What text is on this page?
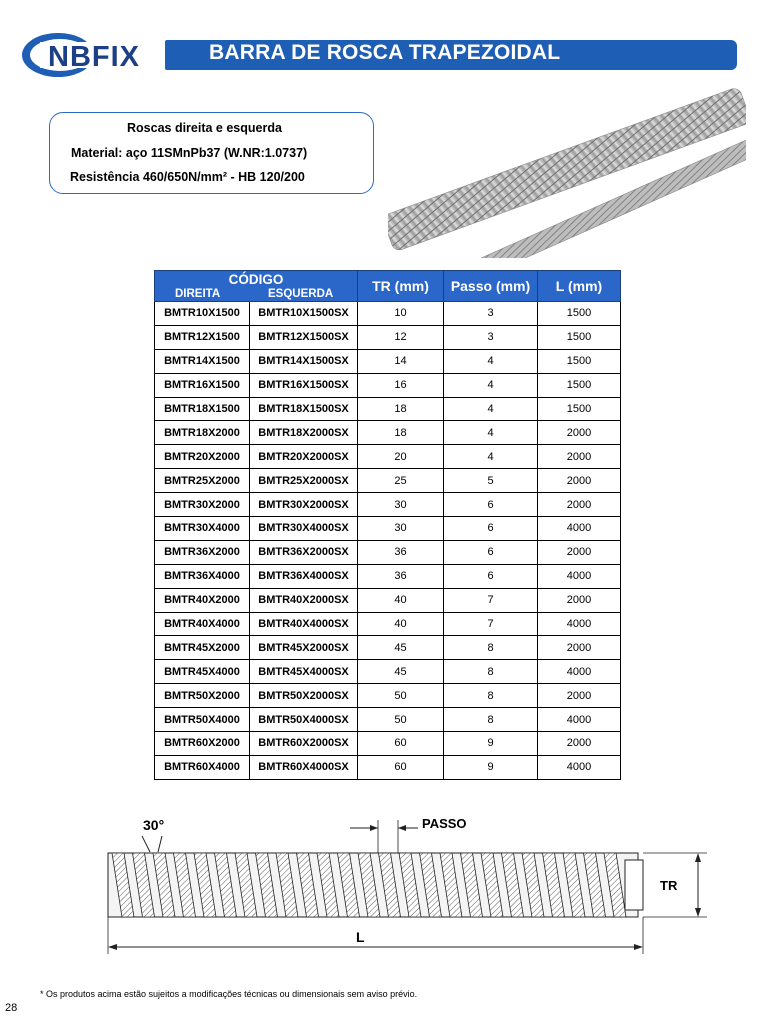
NBFIX	BARRA DE ROSCA TRAPEZOIDAL
Roscas direita e esquerda
Material: aço 11SMnPb37 (W.NR:1.0737)
Resistência 460/650N/mm² - HB 120/200
CÓDIGO
DIREITA ESQUERDA		TR (mm)	Passo (mm)	L (mm)
BMTR10X1500	BMTR10X1500SX	10	3	1500
BMTR12X1500	BMTR12X1500SX	12	3	1500
BMTR14X1500	BMTR14X1500SX	14	4	1500
BMTR16X1500	BMTR16X1500SX	16	4	1500
BMTR18X1500	BMTR18X1500SX	18	4	1500
BMTR18X2000	BMTR18X2000SX	18	4	2000
BMTR20X2000	BMTR20X2000SX	20	4	2000
BMTR25X2000	BMTR25X2000SX	25	5	2000
BMTR30X2000	BMTR30X2000SX	30	6	2000
BMTR30X4000	BMTR30X4000SX	30	6	4000
BMTR36X2000	BMTR36X2000SX	36	6	2000
BMTR36X4000	BMTR36X4000SX	36	6	4000
BMTR40X2000	BMTR40X2000SX	40	7	2000
BMTR40X4000	BMTR40X4000SX	40	7	4000
BMTR45X2000	BMTR45X2000SX	45	8	2000
BMTR45X4000	BMTR45X4000SX	45	8	4000
BMTR50X2000	BMTR50X2000SX	50	8	2000
BMTR50X4000	BMTR50X4000SX	50	8	4000
BMTR60X2000	BMTR60X2000SX	60	9	2000
BMTR60X4000	BMTR60X4000SX	60	9	4000
30°	PASSO
TR
L
* Os produtos acima estão sujeitos a modificações técnicas ou dimensionais sem aviso prévio.
28
